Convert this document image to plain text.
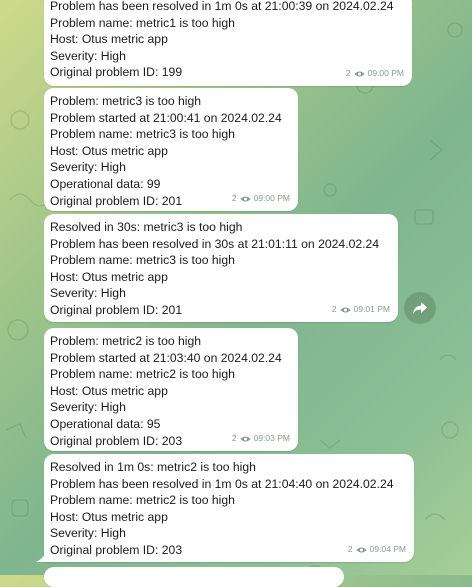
Problem has been resolved in 1m 0s at 21:00:39 on 2024.02.24
Problem name: metric1 is too high
Host: Otus metric app
Severity: High
Original problem ID: 199	2 09:00 PM
Problem: metric3 is too high
Problem started at 21:00:41 on 2024.02.24
Problem name: metric3 is too high
Host: Otus metric app
Severity: High
Operational data: 99
Original problem ID: 201	2 09:00 PM
Resolved in 30s: metric3 is too high
Problem has been resolved in 30s at 21:01:11 on 2024.02.24
Problem name: metric3 is too high
Host: Otus metric app
Severity: High
Original problem ID: 201	2 09:01 PM
Problem: metric2 is too high
Problem started at 21:03:40 on 2024.02.24
Problem name: metric2 is too high
Host: Otus metric app
Severity: High
Operational data: 95
Original problem ID: 203	2 09:03 PM
Resolved in 1m 0s: metric2 is too high
Problem has been resolved in 1m 0s at 21:04:40 on 2024.02.24
Problem name: metric2 is too high
Host: Otus metric app
Severity: High
Original problem ID: 203	2 09:04 PM
